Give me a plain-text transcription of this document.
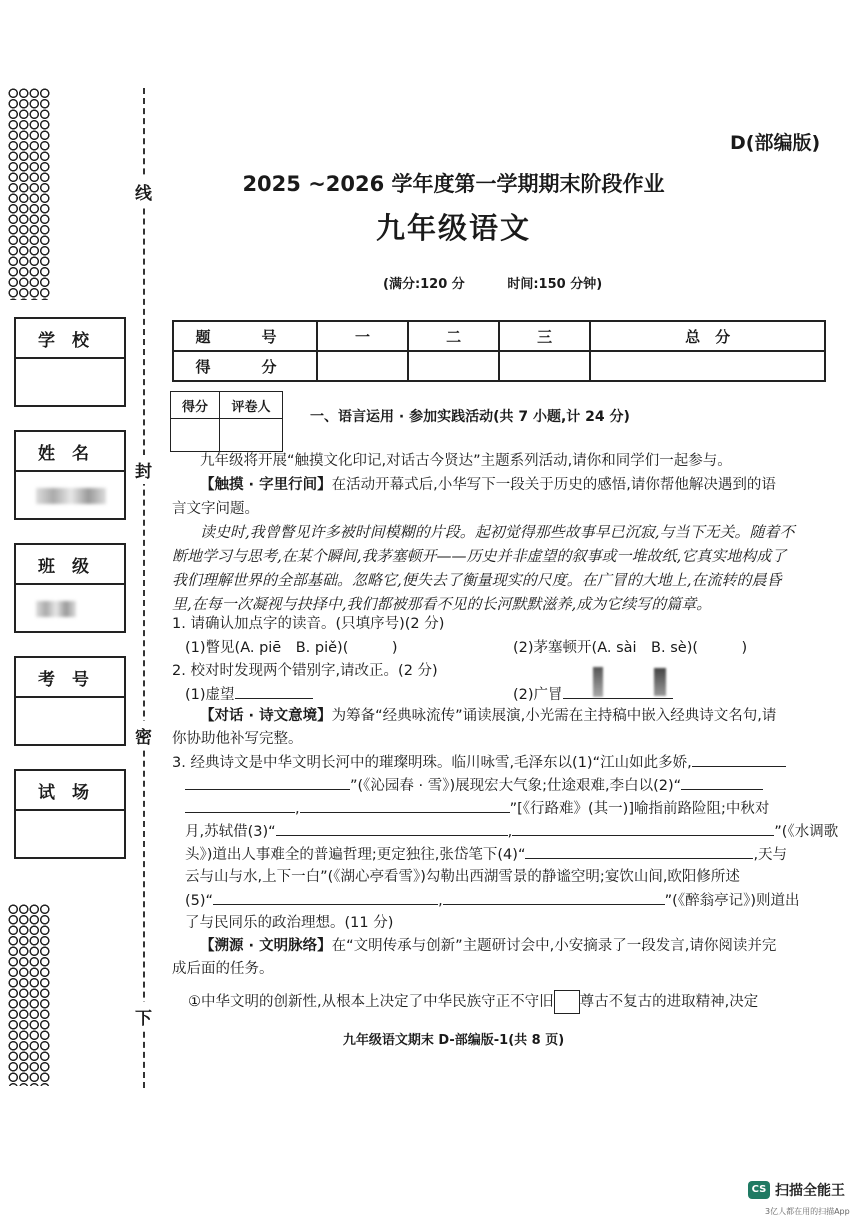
线
封
密
下
学　校
姓　名
班　级
考　号
试　场
D(部编版)
2025 ~2026 学年度第一学期期末阶段作业
九年级语文
(满分:120 分	时间:150 分钟)
题　号	一	二	三	总　分
得　分				
得分	评卷人

一、语言运用 · 参加实践活动(共 7 小题,计 24 分)
九年级将开展“触摸文化印记,对话古今贤达”主题系列活动,请你和同学们一起参与。
【触摸 · 字里行间】在活动开幕式后,小华写下一段关于历史的感悟,请你帮他解决遇到的语
言文字问题。
读史时,我曾瞥见许多被时间模糊的片段。起初觉得那些故事早已沉寂,与当下无关。随着不
断地学习与思考,在某个瞬间,我茅塞顿开——历史并非虚望的叙事或一堆故纸,它真实地构成了
我们理解世界的全部基础。忽略它,便失去了衡量现实的尺度。在广冒的大地上,在流转的晨昏
里,在每一次凝视与抉择中,我们都被那看不见的长河默默滋养,成为它续写的篇章。
1. 请确认加点字的读音。(只填序号)(2 分)
(1)瞥见(A. piē　B. piě)(　　　)	(2)茅塞顿开(A. sài　B. sè)(　　　)
2. 校对时发现两个错别字,请改正。(2 分)
(1)虚望	(2)广冒
【对话 · 诗文意境】为筹备“经典咏流传”诵读展演,小光需在主持稿中嵌入经典诗文名句,请
你协助他补写完整。
3. 经典诗文是中华文明长河中的璀璨明珠。临川咏雪,毛泽东以(1)“江山如此多娇,
”(《沁园春 · 雪》)展现宏大气象;仕途艰难,李白以(2)“
,	”[《行路难》(其一)]喻指前路险阻;中秋对
月,苏轼借(3)“	,	”(《水调歌
头》)道出人事难全的普遍哲理;更定独往,张岱笔下(4)“	,天与
云与山与水,上下一白”(《湖心亭看雪》)勾勒出西湖雪景的静谧空明;宴饮山间,欧阳修所述
(5)“	,	”(《醉翁亭记》)则道出
了与民同乐的政治理想。(11 分)
【溯源 · 文明脉络】在“文明传承与创新”主题研讨会中,小安摘录了一段发言,请你阅读并完
成后面的任务。
①中华文明的创新性,从根本上决定了中华民族守正不守旧 尊古不复古的进取精神,决定
九年级语文期末 D-部编版-1(共 8 页)
CS 扫描全能王
3亿人都在用的扫描App
